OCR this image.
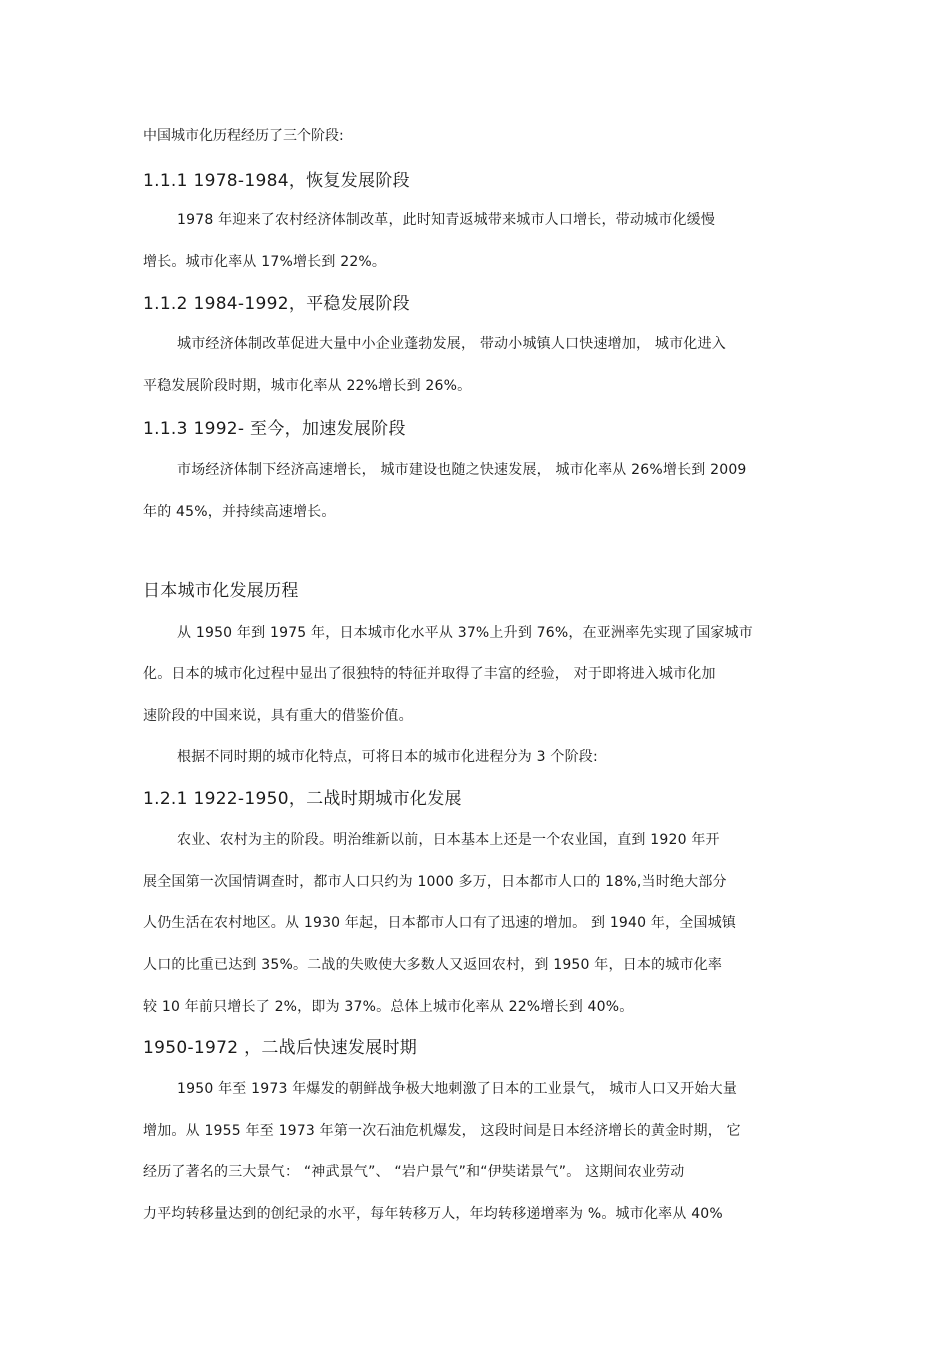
中国城市化历程经历了三个阶段:
1.1.1 1978-1984，恢复发展阶段
1978 年迎来了农村经济体制改革，此时知青返城带来城市人口增长，带动城市化缓慢
增长。城市化率从 17%增长到 22%。
1.1.2 1984-1992，平稳发展阶段
城市经济体制改革促进大量中小企业蓬勃发展， 带动小城镇人口快速增加， 城市化进入
平稳发展阶段时期，城市化率从 22%增长到 26%。
1.1.3 1992- 至今，加速发展阶段
市场经济体制下经济高速增长， 城市建设也随之快速发展， 城市化率从 26%增长到 2009
年的 45%，并持续高速增长。
日本城市化发展历程
从 1950 年到 1975 年，日本城市化水平从 37%上升到 76%，在亚洲率先实现了国家城市
化。日本的城市化过程中显出了很独特的特征并取得了丰富的经验， 对于即将进入城市化加
速阶段的中国来说，具有重大的借鉴价值。
根据不同时期的城市化特点，可将日本的城市化进程分为 3 个阶段:
1.2.1 1922-1950，二战时期城市化发展
农业、农村为主的阶段。明治维新以前，日本基本上还是一个农业国，直到 1920 年开
展全国第一次国情调查时，都市人口只约为 1000 多万，日本都市人口的 18%,当时绝大部分
人仍生活在农村地区。从 1930 年起，日本都市人口有了迅速的增加。 到 1940 年，全国城镇
人口的比重已达到 35%。二战的失败使大多数人又返回农村，到 1950 年，日本的城市化率
较 10 年前只增长了 2%，即为 37%。总体上城市化率从 22%增长到 40%。
1950-1972 ，二战后快速发展时期
1950 年至 1973 年爆发的朝鲜战争极大地刺激了日本的工业景气， 城市人口又开始大量
增加。从 1955 年至 1973 年第一次石油危机爆发， 这段时间是日本经济增长的黄金时期， 它
经历了著名的三大景气： “神武景气”、 “岩户景气”和“伊奘诺景气”。 这期间农业劳动
力平均转移量达到的创纪录的水平，每年转移万人，年均转移递增率为 %。城市化率从 40%
